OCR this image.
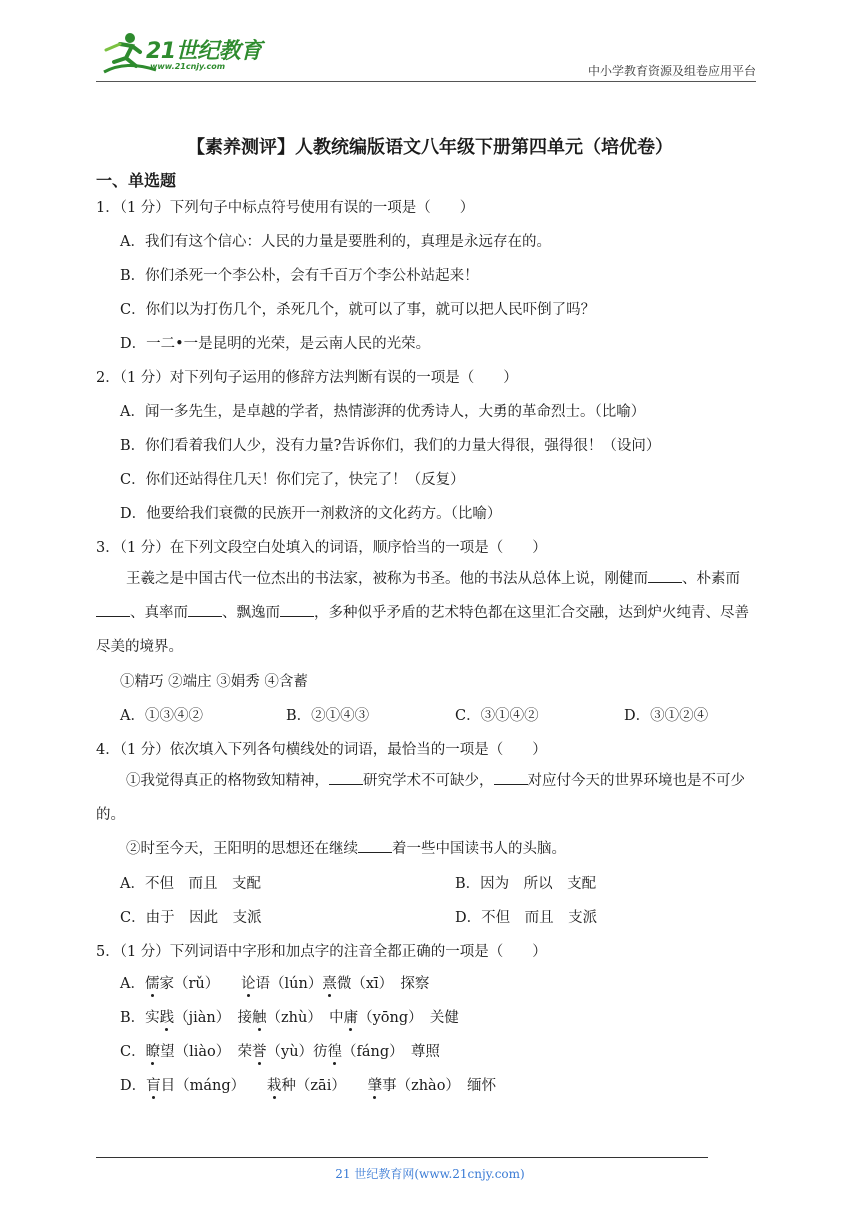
21世纪教育
www.21cnjy.com	中小学教育资源及组卷应用平台
【素养测评】人教统编版语文八年级下册第四单元（培优卷）
一、单选题
1．（1 分）下列句子中标点符号使用有误的一项是（　　）
A．我们有这个信心：人民的力量是要胜利的，真理是永远存在的。
B．你们杀死一个李公朴，会有千百万个李公朴站起来！
C．你们以为打伤几个，杀死几个，就可以了事，就可以把人民吓倒了吗？
D．一二•一是昆明的光荣，是云南人民的光荣。
2．（1 分）对下列句子运用的修辞方法判断有误的一项是（　　）
A．闻一多先生，是卓越的学者，热情澎湃的优秀诗人，大勇的革命烈士。（比喻）
B．你们看着我们人少，没有力量?告诉你们，我们的力量大得很，强得很！（设问）
C．你们还站得住几天！你们完了，快完了！（反复）
D．他要给我们衰微的民族开一剂救济的文化药方。（比喻）
3．（1 分）在下列文段空白处填入的词语，顺序恰当的一项是（　　）
王羲之是中国古代一位杰出的书法家，被称为书圣。他的书法从总体上说，刚健而 、朴素而、真率而 、飘逸而 ，多种似乎矛盾的艺术特色都在这里汇合交融，达到炉火纯青、尽善尽美的境界。
①精巧 ②端庄 ③娟秀 ④含蓄
A．①③④②	B．②①④③	C．③①④②	D．③①②④
4．（1 分）依次填入下列各句横线处的词语，最恰当的一项是（　　）
①我觉得真正的格物致知精神， 研究学术不可缺少， 对应付今天的世界环境也是不可少的。
②时至今天，王阳明的思想还在继续 着一些中国读书人的头脑。
A．不但　而且　支配	B．因为　所以　支配
C．由于　因此　支派	D．不但　而且　支派
5．（1 分）下列词语中字形和加点字的注音全都正确的一项是（　　）
A．儒家（rǔ）　　论语（lún）熹微（xī）　探察
B．实践（jiàn）　接触（zhù）　中庸（yōng）　关健
C．瞭望（liào）　荣誉（yù）彷徨（fáng）　尊照
D．盲目（máng）　　栽种（zāi）　　肇事（zhào）　缅怀
21 世纪教育网(www.21cnjy.com)
